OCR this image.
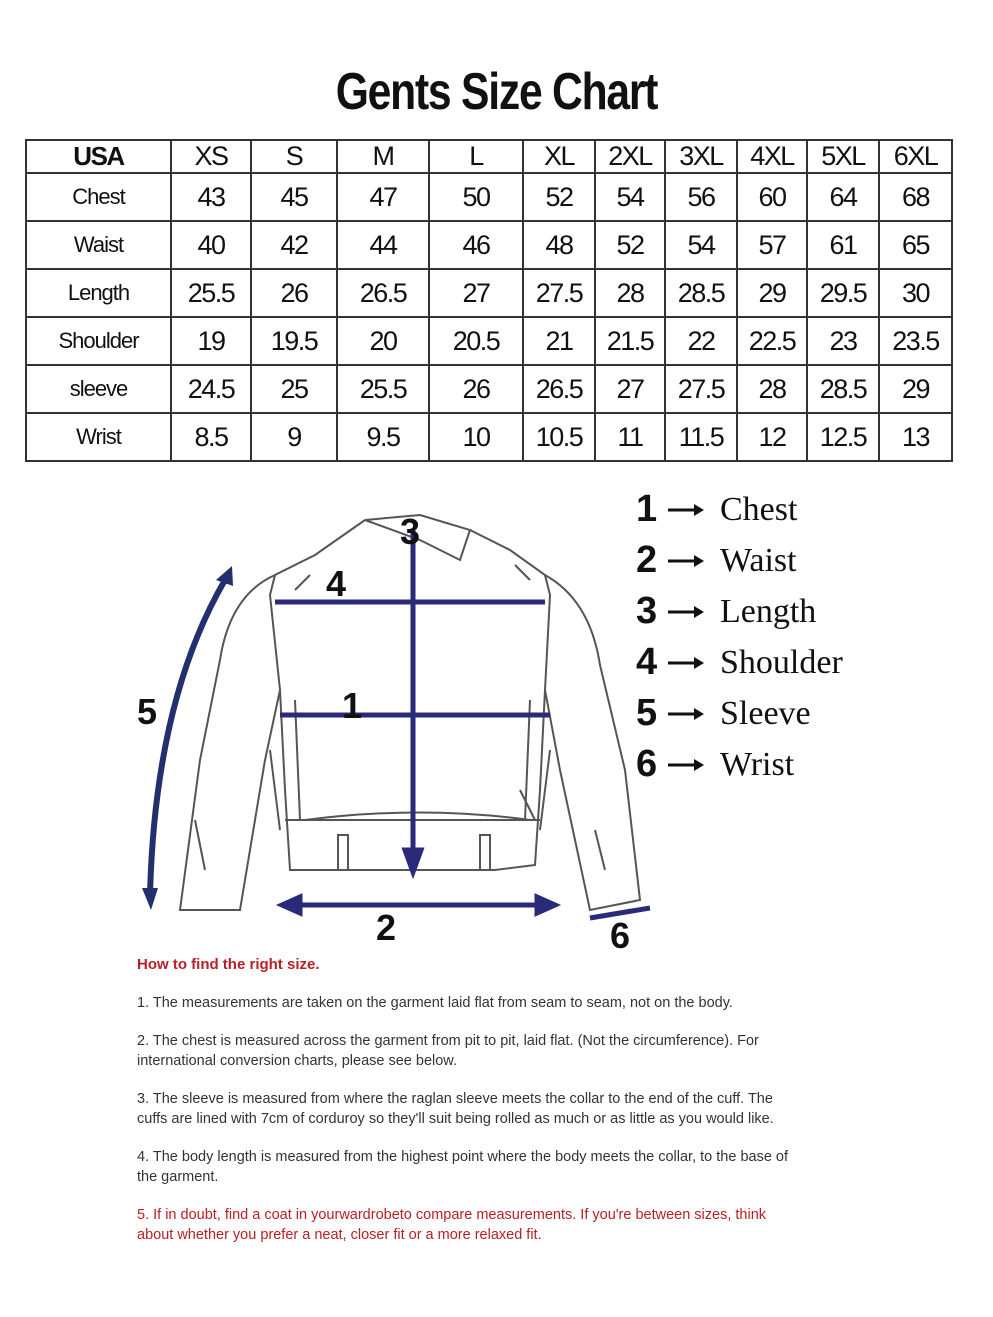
Gents Size Chart
USA	XS	S	M	L	XL	2XL	3XL	4XL	5XL	6XL
Chest	43	45	47	50	52	54	56	60	64	68
Waist	40	42	44	46	48	52	54	57	61	65
Length	25.5	26	26.5	27	27.5	28	28.5	29	29.5	30
Shoulder	19	19.5	20	20.5	21	21.5	22	22.5	23	23.5
sleeve	24.5	25	25.5	26	26.5	27	27.5	28	28.5	29
Wrist	8.5	9	9.5	10	10.5	11	11.5	12	12.5	13
1
2
3
4
5
6
1 Chest
2 Waist
3 Length
4 Shoulder
5 Sleeve
6 Wrist
How to find the right size.

1. The measurements are taken on the garment laid flat from seam to seam, not on the body.

2. The chest is measured across the garment from pit to pit, laid flat. (Not the circumference). For international conversion charts, please see below.

3. The sleeve is measured from where the raglan sleeve meets the collar to the end of the cuff. The cuffs are lined with 7cm of corduroy so they'll suit being rolled as much or as little as you would like.

4. The body length is measured from the highest point where the body meets the collar, to the base of the garment.

5. If in doubt, find a coat in yourwardrobeto compare measurements. If you're between sizes, think about whether you prefer a neat, closer fit or a more relaxed fit.
